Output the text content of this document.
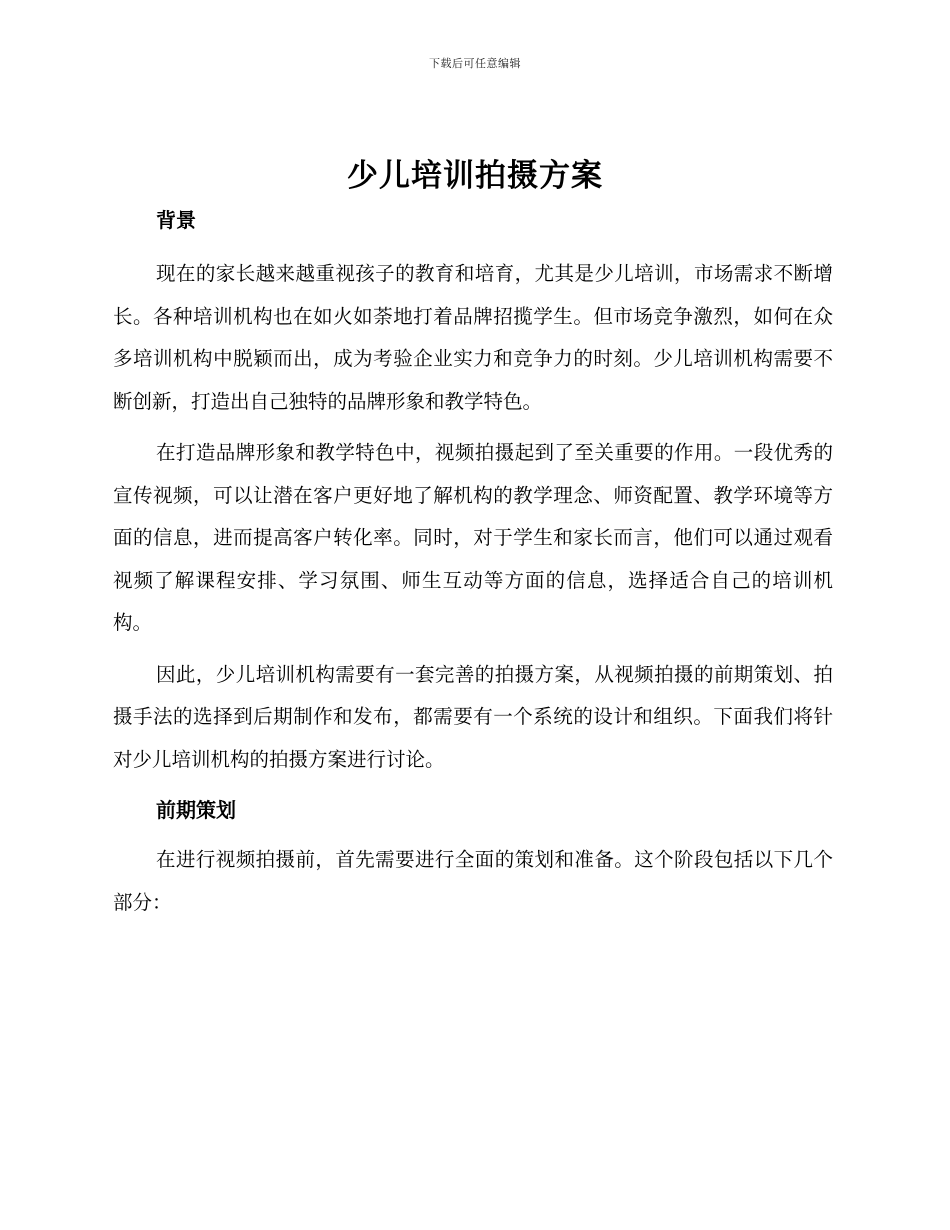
下载后可任意编辑
少儿培训拍摄方案
背景

现在的家长越来越重视孩子的教育和培育，尤其是少儿培训，市场需求不断增长。各种培训机构也在如火如荼地打着品牌招揽学生。但市场竞争激烈，如何在众多培训机构中脱颖而出，成为考验企业实力和竞争力的时刻。少儿培训机构需要不断创新，打造出自己独特的品牌形象和教学特色。

在打造品牌形象和教学特色中，视频拍摄起到了至关重要的作用。一段优秀的宣传视频，可以让潜在客户更好地了解机构的教学理念、师资配置、教学环境等方面的信息，进而提高客户转化率。同时，对于学生和家长而言，他们可以通过观看视频了解课程安排、学习氛围、师生互动等方面的信息，选择适合自己的培训机构。

因此，少儿培训机构需要有一套完善的拍摄方案，从视频拍摄的前期策划、拍摄手法的选择到后期制作和发布，都需要有一个系统的设计和组织。下面我们将针对少儿培训机构的拍摄方案进行讨论。

前期策划

在进行视频拍摄前，首先需要进行全面的策划和准备。这个阶段包括以下几个部分：
